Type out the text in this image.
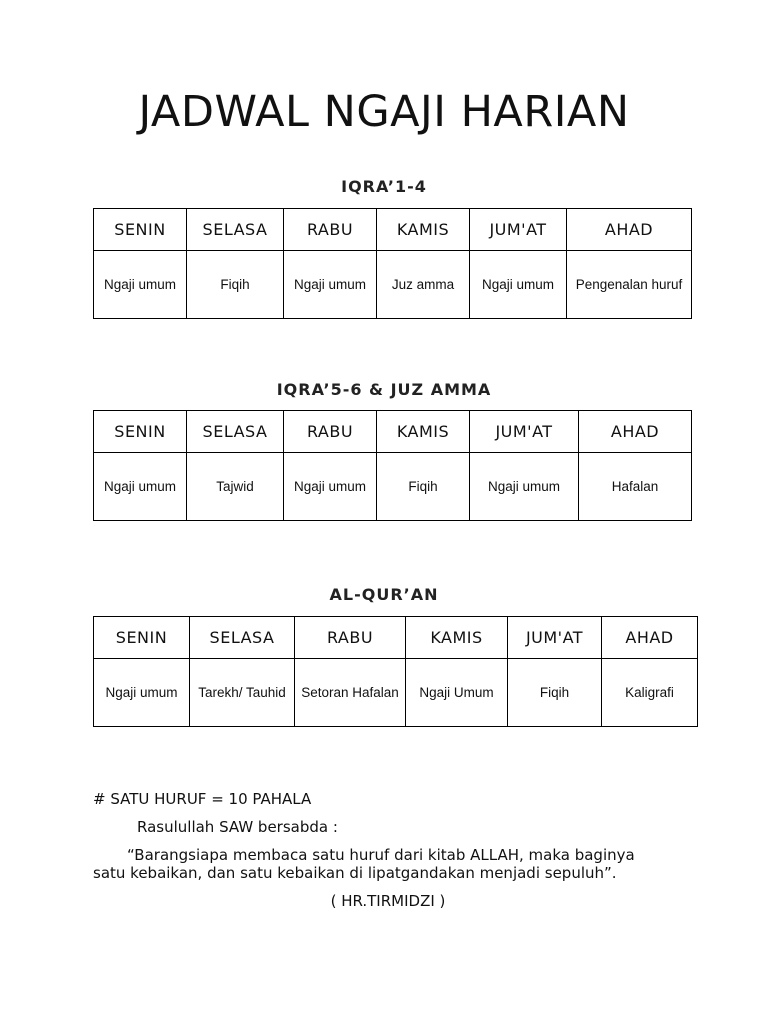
JADWAL NGAJI HARIAN
IQRA’1-4
SENIN	SELASA	RABU	KAMIS	JUM'AT	AHAD
Ngaji umum	Fiqih	Ngaji umum	Juz amma	Ngaji umum	Pengenalan huruf
IQRA’5-6 & JUZ AMMA
SENIN	SELASA	RABU	KAMIS	JUM'AT	AHAD
Ngaji umum	Tajwid	Ngaji umum	Fiqih	Ngaji umum	Hafalan
AL-QUR’AN
SENIN	SELASA	RABU	KAMIS	JUM'AT	AHAD
Ngaji umum	Tarekh/ Tauhid	Setoran Hafalan	Ngaji Umum	Fiqih	Kaligrafi
# SATU HURUF = 10 PAHALA
Rasulullah SAW bersabda :
“Barangsiapa membaca satu huruf dari kitab ALLAH, maka baginya
satu kebaikan, dan satu kebaikan di lipatgandakan menjadi sepuluh”.
( HR.TIRMIDZI )
